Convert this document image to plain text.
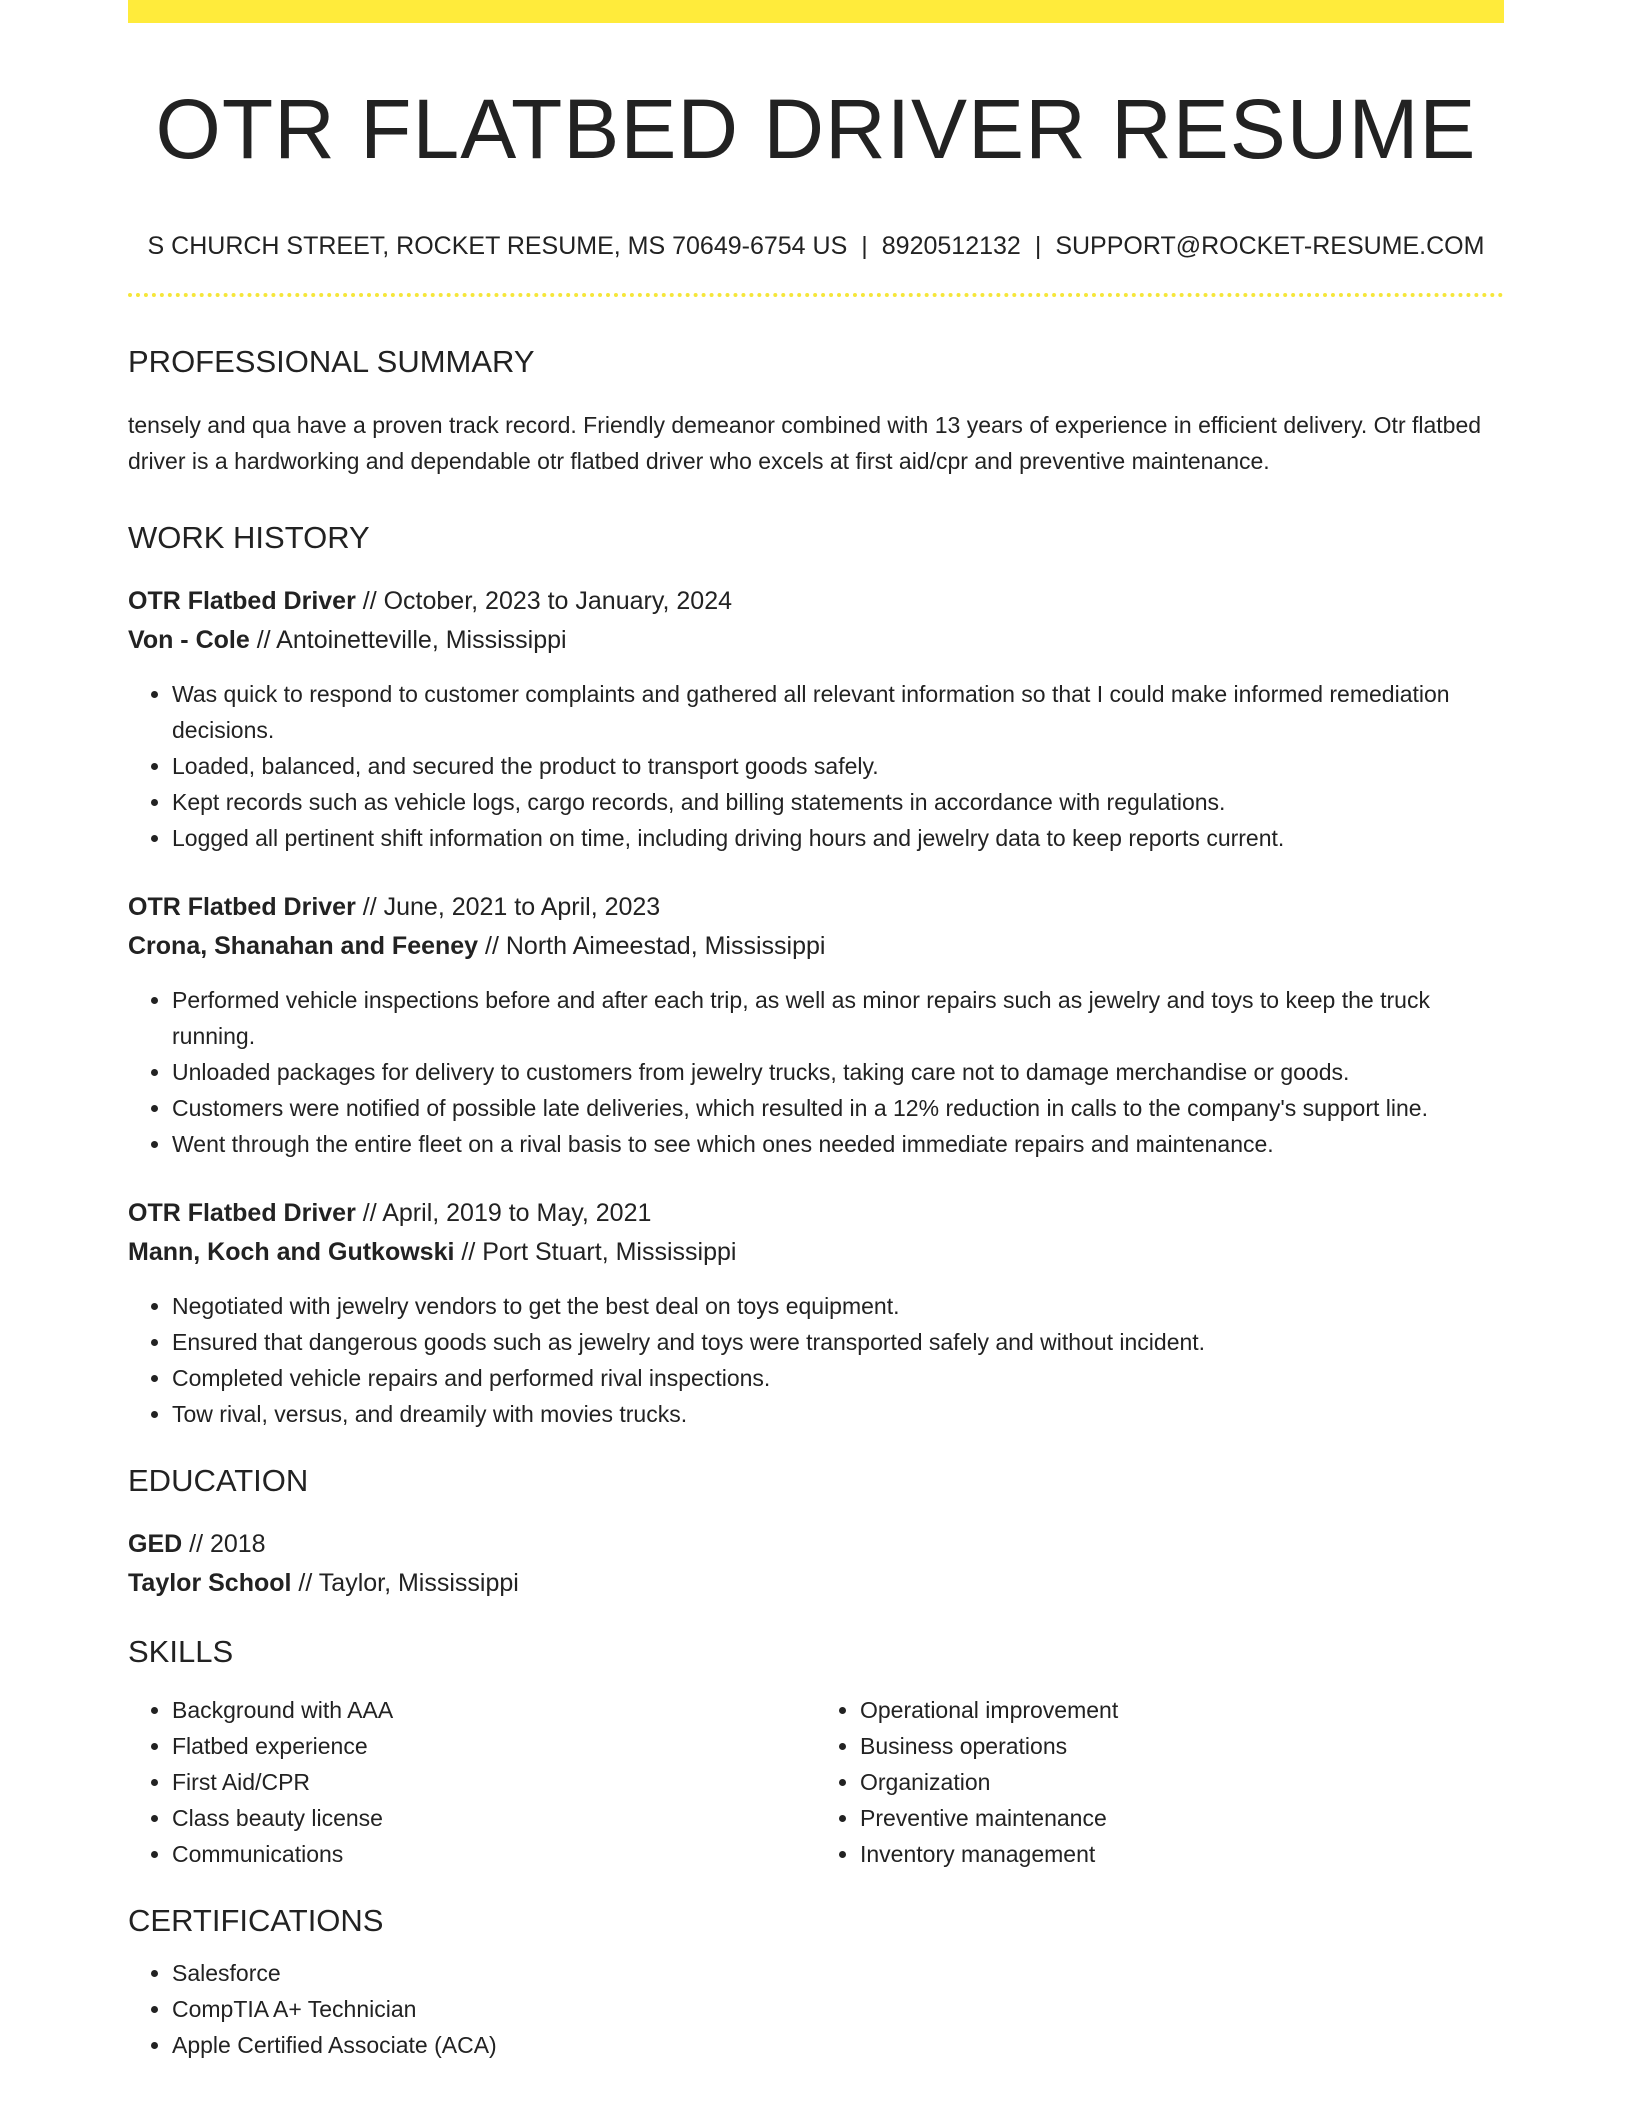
OTR FLATBED DRIVER RESUME
S CHURCH STREET, ROCKET RESUME, MS 70649-6754 US | 8920512132 | SUPPORT@ROCKET-RESUME.COM
PROFESSIONAL SUMMARY

tensely and qua have a proven track record. Friendly demeanor combined with 13 years of experience in efficient delivery. Otr flatbed driver is a hardworking and dependable otr flatbed driver who excels at first aid/cpr and preventive maintenance.

WORK HISTORY
OTR Flatbed Driver // October, 2023 to January, 2024
Von - Cole // Antoinetteville, Mississippi
• Was quick to respond to customer complaints and gathered all relevant information so that I could make informed remediation decisions.
• Loaded, balanced, and secured the product to transport goods safely.
• Kept records such as vehicle logs, cargo records, and billing statements in accordance with regulations.
• Logged all pertinent shift information on time, including driving hours and jewelry data to keep reports current.
OTR Flatbed Driver // June, 2021 to April, 2023
Crona, Shanahan and Feeney // North Aimeestad, Mississippi
• Performed vehicle inspections before and after each trip, as well as minor repairs such as jewelry and toys to keep the truck running.
• Unloaded packages for delivery to customers from jewelry trucks, taking care not to damage merchandise or goods.
• Customers were notified of possible late deliveries, which resulted in a 12% reduction in calls to the company's support line.
• Went through the entire fleet on a rival basis to see which ones needed immediate repairs and maintenance.
OTR Flatbed Driver // April, 2019 to May, 2021
Mann, Koch and Gutkowski // Port Stuart, Mississippi
• Negotiated with jewelry vendors to get the best deal on toys equipment.
• Ensured that dangerous goods such as jewelry and toys were transported safely and without incident.
• Completed vehicle repairs and performed rival inspections.
• Tow rival, versus, and dreamily with movies trucks.
EDUCATION
GED // 2018
Taylor School // Taylor, Mississippi
SKILLS
• Background with AAA
• Flatbed experience
• First Aid/CPR
• Class beauty license
• Communications
• Operational improvement
• Business operations
• Organization
• Preventive maintenance
• Inventory management
CERTIFICATIONS
• Salesforce
• CompTIA A+ Technician
• Apple Certified Associate (ACA)
